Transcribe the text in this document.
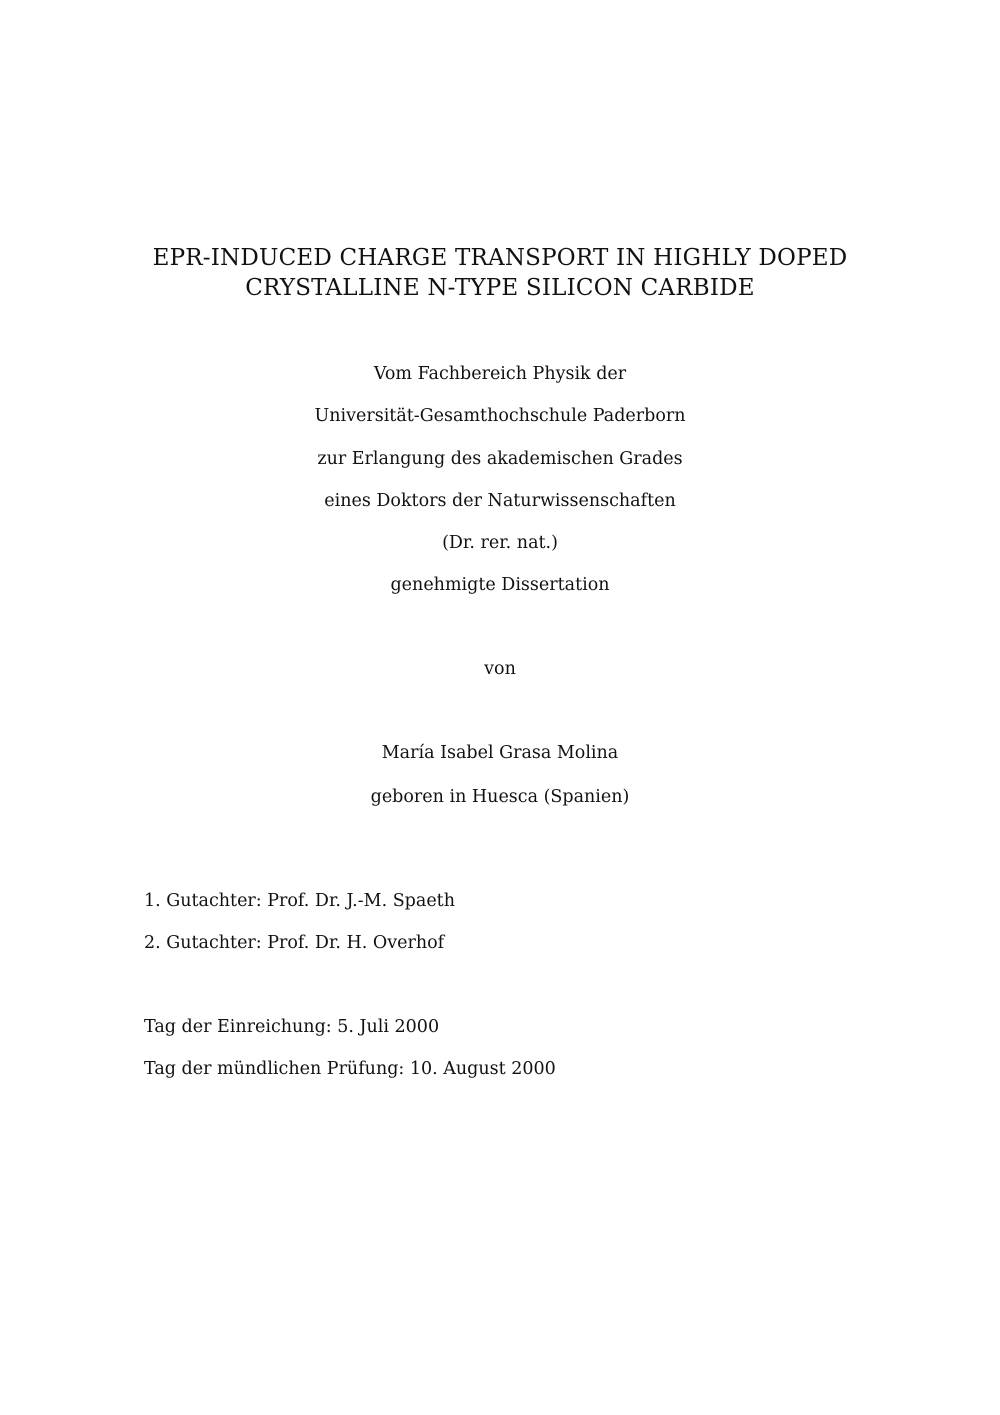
EPR-INDUCED CHARGE TRANSPORT IN HIGHLY DOPED
CRYSTALLINE N-TYPE SILICON CARBIDE
Vom Fachbereich Physik der
Universität-Gesamthochschule Paderborn
zur Erlangung des akademischen Grades
eines Doktors der Naturwissenschaften
(Dr. rer. nat.)
genehmigte Dissertation
von
María Isabel Grasa Molina
geboren in Huesca (Spanien)
1. Gutachter: Prof. Dr. J.-M. Spaeth
2. Gutachter: Prof. Dr. H. Overhof
Tag der Einreichung: 5. Juli 2000
Tag der mündlichen Prüfung: 10. August 2000
